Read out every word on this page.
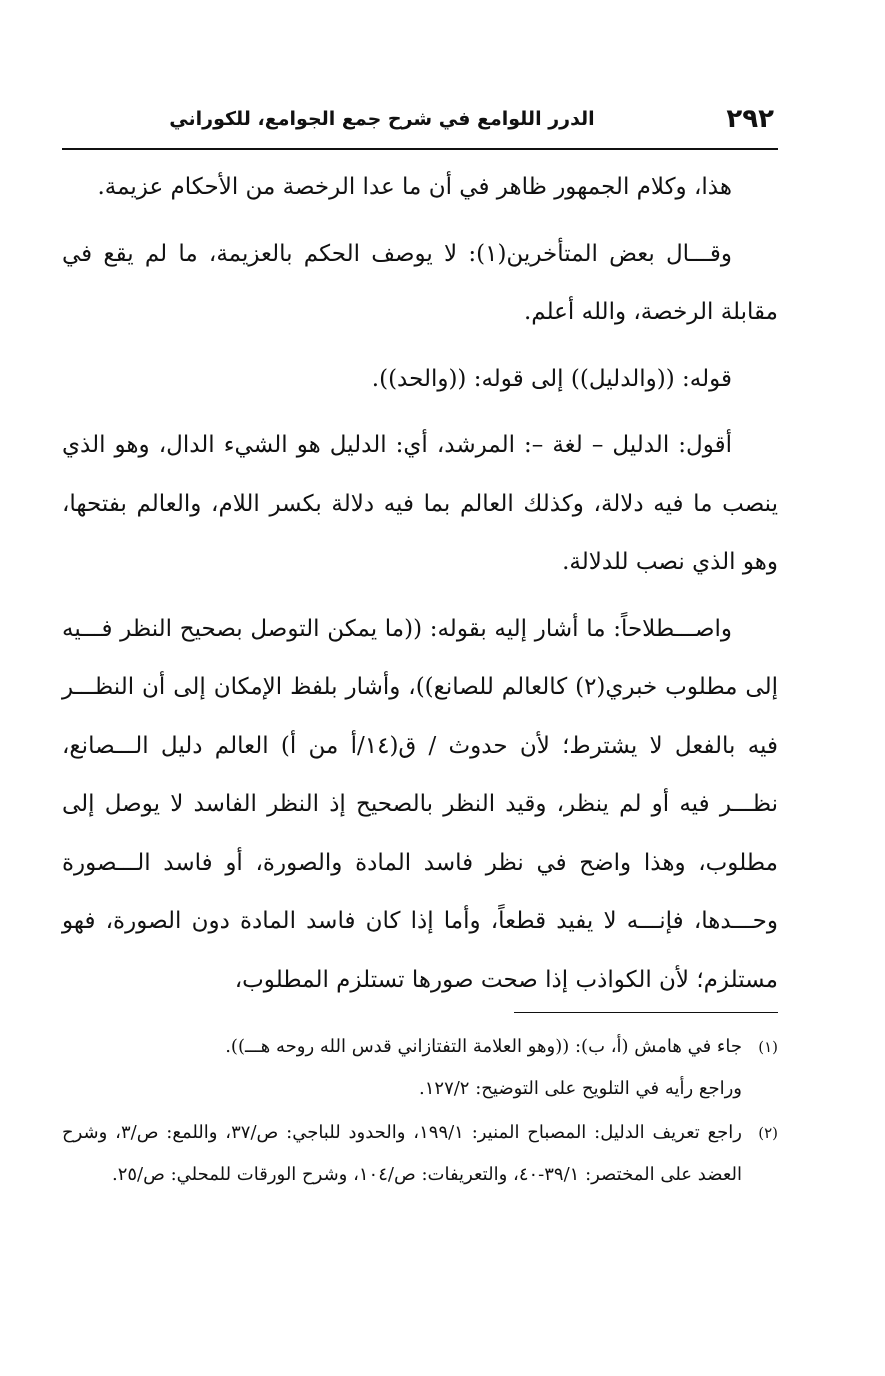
٢٩٢
الدرر اللوامع في شرح جمع الجوامع، للكوراني

هذا، وكلام الجمهور ظاهر في أن ما عدا الرخصة من الأحكام عزيمة.

وقـــال بعض المتأخرين(١): لا يوصف الحكم بالعزيمة، ما لم يقع في مقابلة الرخصة، والله أعلم.

قوله: ((والدليل)) إلى قوله: ((والحد)).

أقول: الدليل – لغة –: المرشد، أي: الدليل هو الشيء الدال، وهو الذي ينصب ما فيه دلالة، وكذلك العالم بما فيه دلالة بكسر اللام، والعالم بفتحها، وهو الذي نصب للدلالة.

واصـــطلاحاً: ما أشار إليه بقوله: ((ما يمكن التوصل بصحيح النظر فـــيه إلى مطلوب خبري(٢) كالعالم للصانع))، وأشار بلفظ الإمكان إلى أن النظـــر فيه بالفعل لا يشترط؛ لأن حدوث / ق(١٤/أ من أ) العالم دليل الـــصانع، نظـــر فيه أو لم ينظر، وقيد النظر بالصحيح إذ النظر الفاسد لا يوصل إلى مطلوب، وهذا واضح في نظر فاسد المادة والصورة، أو فاسد الـــصورة وحـــدها، فإنـــه لا يفيد قطعاً، وأما إذا كان فاسد المادة دون الصورة، فهو مستلزم؛ لأن الكواذب إذا صحت صورها تستلزم المطلوب،

(١)
جاء في هامش (أ، ب): ((وهو العلامة التفتازاني قدس الله روحه هـــ)).
وراجع رأيه في التلويح على التوضيح: ١٢٧/٢.
(٢)
راجع تعريف الدليل: المصباح المنير: ١٩٩/١، والحدود للباجي: ص/٣٧، واللمع: ص/٣، وشرح العضد على المختصر: ٣٩/١-٤٠، والتعريفات: ص/١٠٤، وشرح الورقات للمحلي: ص/٢٥.
